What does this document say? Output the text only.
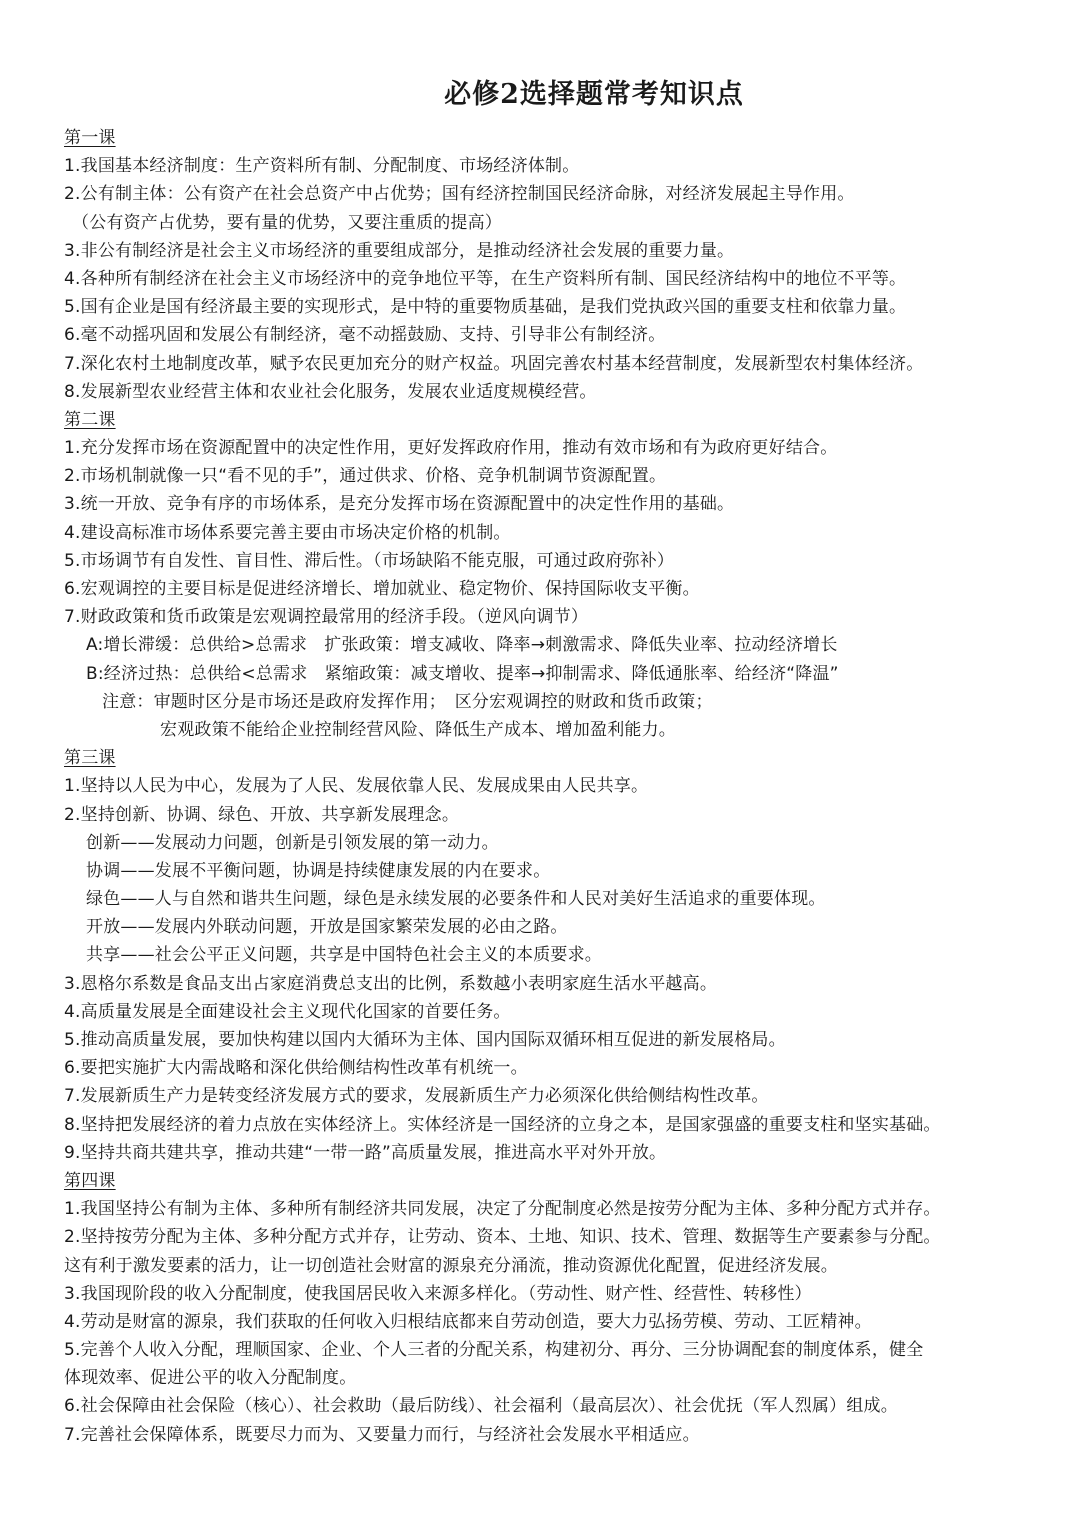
必修2选择题常考知识点
第一课
1.我国基本经济制度：生产资料所有制、分配制度、市场经济体制。
2.公有制主体：公有资产在社会总资产中占优势；国有经济控制国民经济命脉，对经济发展起主导作用。
（公有资产占优势，要有量的优势，又要注重质的提高）
3.非公有制经济是社会主义市场经济的重要组成部分，是推动经济社会发展的重要力量。
4.各种所有制经济在社会主义市场经济中的竞争地位平等，在生产资料所有制、国民经济结构中的地位不平等。
5.国有企业是国有经济最主要的实现形式，是中特的重要物质基础，是我们党执政兴国的重要支柱和依靠力量。
6.毫不动摇巩固和发展公有制经济，毫不动摇鼓励、支持、引导非公有制经济。
7.深化农村土地制度改革，赋予农民更加充分的财产权益。巩固完善农村基本经营制度，发展新型农村集体经济。
8.发展新型农业经营主体和农业社会化服务，发展农业适度规模经营。
第二课
1.充分发挥市场在资源配置中的决定性作用，更好发挥政府作用，推动有效市场和有为政府更好结合。
2.市场机制就像一只“看不见的手”，通过供求、价格、竞争机制调节资源配置。
3.统一开放、竞争有序的市场体系，是充分发挥市场在资源配置中的决定性作用的基础。
4.建设高标准市场体系要完善主要由市场决定价格的机制。
5.市场调节有自发性、盲目性、滞后性。（市场缺陷不能克服，可通过政府弥补）
6.宏观调控的主要目标是促进经济增长、增加就业、稳定物价、保持国际收支平衡。
7.财政政策和货币政策是宏观调控最常用的经济手段。（逆风向调节）
A:增长滞缓：总供给>总需求　扩张政策：增支减收、降率→刺激需求、降低失业率、拉动经济增长
B:经济过热：总供给<总需求　紧缩政策：减支增收、提率→抑制需求、降低通胀率、给经济“降温”
注意：审题时区分是市场还是政府发挥作用；　区分宏观调控的财政和货币政策；
宏观政策不能给企业控制经营风险、降低生产成本、增加盈利能力。
第三课
1.坚持以人民为中心，发展为了人民、发展依靠人民、发展成果由人民共享。
2.坚持创新、协调、绿色、开放、共享新发展理念。
创新——发展动力问题，创新是引领发展的第一动力。
协调——发展不平衡问题，协调是持续健康发展的内在要求。
绿色——人与自然和谐共生问题，绿色是永续发展的必要条件和人民对美好生活追求的重要体现。
开放——发展内外联动问题，开放是国家繁荣发展的必由之路。
共享——社会公平正义问题，共享是中国特色社会主义的本质要求。
3.恩格尔系数是食品支出占家庭消费总支出的比例，系数越小表明家庭生活水平越高。
4.高质量发展是全面建设社会主义现代化国家的首要任务。
5.推动高质量发展，要加快构建以国内大循环为主体、国内国际双循环相互促进的新发展格局。
6.要把实施扩大内需战略和深化供给侧结构性改革有机统一。
7.发展新质生产力是转变经济发展方式的要求，发展新质生产力必须深化供给侧结构性改革。
8.坚持把发展经济的着力点放在实体经济上。实体经济是一国经济的立身之本，是国家强盛的重要支柱和坚实基础。
9.坚持共商共建共享，推动共建“一带一路”高质量发展，推进高水平对外开放。
第四课
1.我国坚持公有制为主体、多种所有制经济共同发展，决定了分配制度必然是按劳分配为主体、多种分配方式并存。
2.坚持按劳分配为主体、多种分配方式并存，让劳动、资本、土地、知识、技术、管理、数据等生产要素参与分配。
这有利于激发要素的活力，让一切创造社会财富的源泉充分涌流，推动资源优化配置，促进经济发展。
3.我国现阶段的收入分配制度，使我国居民收入来源多样化。（劳动性、财产性、经营性、转移性）
4.劳动是财富的源泉，我们获取的任何收入归根结底都来自劳动创造，要大力弘扬劳模、劳动、工匠精神。
5.完善个人收入分配，理顺国家、企业、个人三者的分配关系，构建初分、再分、三分协调配套的制度体系，健全
体现效率、促进公平的收入分配制度。
6.社会保障由社会保险（核心）、社会救助（最后防线）、社会福利（最高层次）、社会优抚（军人烈属）组成。
7.完善社会保障体系，既要尽力而为、又要量力而行，与经济社会发展水平相适应。
